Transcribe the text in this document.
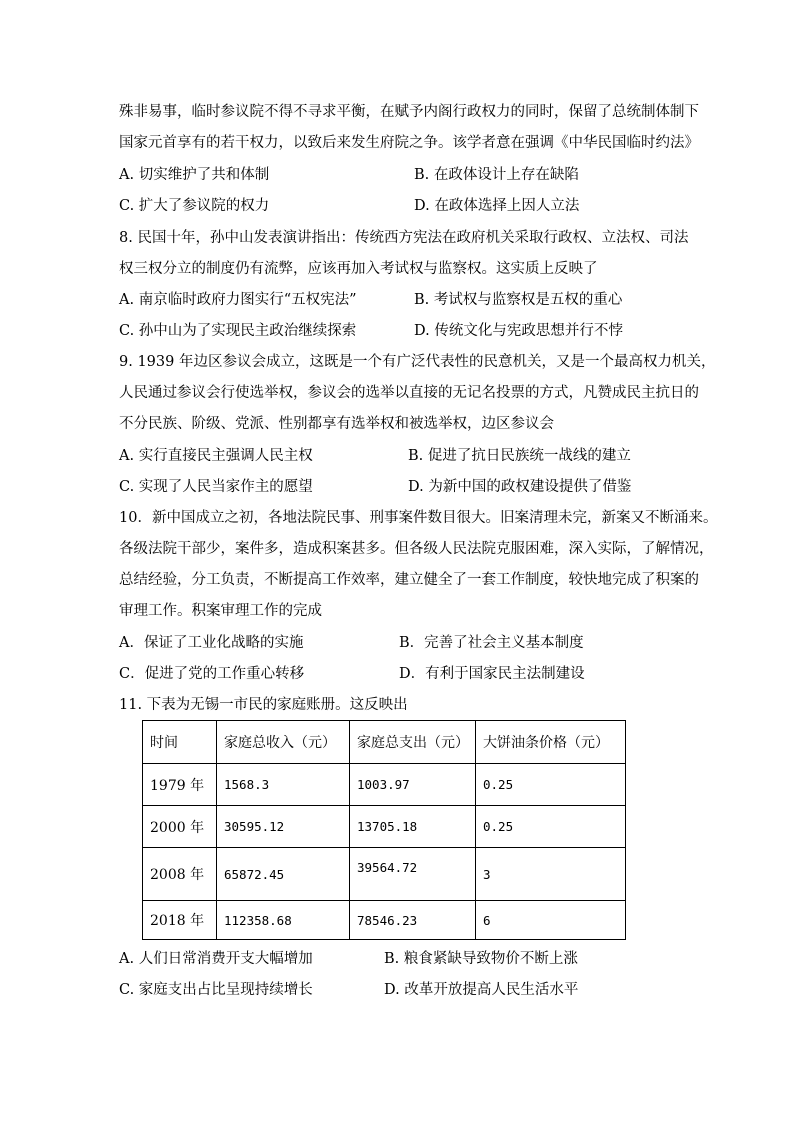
殊非易事，临时参议院不得不寻求平衡，在赋予内阁行政权力的同时，保留了总统制体制下
国家元首享有的若干权力，以致后来发生府院之争。该学者意在强调《中华民国临时约法》
A. 切实维护了共和体制	B. 在政体设计上存在缺陷
C. 扩大了参议院的权力	D. 在政体选择上因人立法
8. 民国十年，孙中山发表演讲指出：传统西方宪法在政府机关采取行政权、立法权、司法
权三权分立的制度仍有流弊，应该再加入考试权与监察权。这实质上反映了
A. 南京临时政府力图实行“五权宪法”	B. 考试权与监察权是五权的重心
C. 孙中山为了实现民主政治继续探索	D. 传统文化与宪政思想并行不悖
9. 1939 年边区参议会成立，这既是一个有广泛代表性的民意机关，又是一个最高权力机关，
人民通过参议会行使选举权，参议会的选举以直接的无记名投票的方式，凡赞成民主抗日的
不分民族、阶级、党派、性别都享有选举权和被选举权，边区参议会
A. 实行直接民主强调人民主权	B. 促进了抗日民族统一战线的建立
C. 实现了人民当家作主的愿望	D. 为新中国的政权建设提供了借鉴
10．新中国成立之初，各地法院民事、刑事案件数目很大。旧案清理未完，新案又不断涌来。
各级法院干部少，案件多，造成积案甚多。但各级人民法院克服困难，深入实际，了解情况，
总结经验，分工负责，不断提高工作效率，建立健全了一套工作制度，较快地完成了积案的
审理工作。积案审理工作的完成
A．保证了工业化战略的实施	B．完善了社会主义基本制度
C．促进了党的工作重心转移	D．有利于国家民主法制建设
11. 下表为无锡一市民的家庭账册。这反映出
时间	家庭总收入（元）	家庭总支出（元）	大饼油条价格（元）
1979 年	1568.3	1003.97	0.25
2000 年	30595.12	13705.18	0.25
2008 年	65872.45	39564.72	3
2018 年	112358.68	78546.23	6
A. 人们日常消费开支大幅增加	B. 粮食紧缺导致物价不断上涨
C. 家庭支出占比呈现持续增长	D. 改革开放提高人民生活水平
